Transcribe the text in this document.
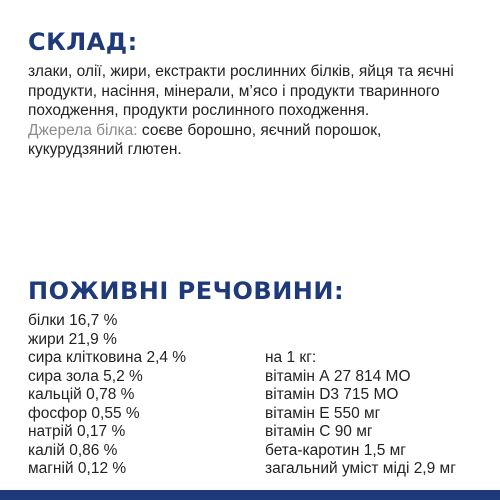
СКЛАД:

злаки, олії, жири, екстракти рослинних білків, яйця та яєчні продукти, насіння, мінерали, м’ясо і продукти тваринного походження, продукти рослинного походження.

Джерела білка: соєве борошно, яєчний порошок, кукурудзяний глютен.

ПОЖИВНІ РЕЧОВИНИ:
білки 16,7 %
жири 21,9 %
сира клітковина 2,4 %
сира зола 5,2 %
кальцій 0,78 %
фосфор 0,55 %
натрій 0,17 %
калій 0,86 %
магній 0,12 %
на 1 кг:
вітамін А 27 814 МО
вітамін D3 715 МО
вітамін Е 550 мг
вітамін С 90 мг
бета-каротин 1,5 мг
загальний уміст міді 2,9 мг
